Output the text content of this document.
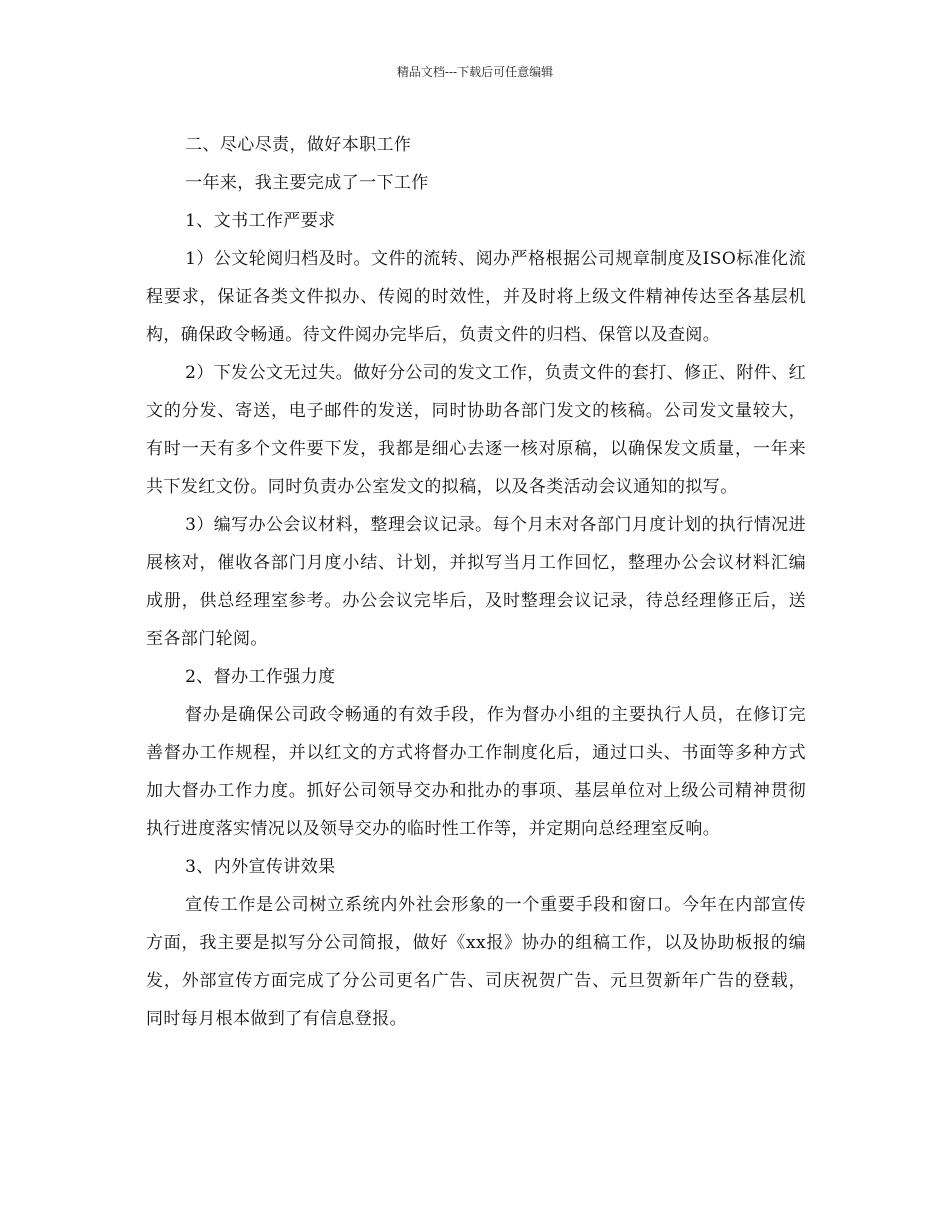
精品文档---下载后可任意编辑

二、尽心尽责，做好本职工作

一年来，我主要完成了一下工作

1、文书工作严要求

1）公文轮阅归档及时。文件的流转、阅办严格根据公司规章制度及ISO标准化流程要求，保证各类文件拟办、传阅的时效性，并及时将上级文件精神传达至各基层机构，确保政令畅通。待文件阅办完毕后，负责文件的归档、保管以及查阅。

2）下发公文无过失。做好分公司的发文工作，负责文件的套打、修正、附件、红文的分发、寄送，电子邮件的发送，同时协助各部门发文的核稿。公司发文量较大，有时一天有多个文件要下发，我都是细心去逐一核对原稿，以确保发文质量，一年来共下发红文份。同时负责办公室发文的拟稿，以及各类活动会议通知的拟写。

3）编写办公会议材料，整理会议记录。每个月末对各部门月度计划的执行情况进展核对，催收各部门月度小结、计划，并拟写当月工作回忆，整理办公会议材料汇编成册，供总经理室参考。办公会议完毕后，及时整理会议记录，待总经理修正后，送至各部门轮阅。

2、督办工作强力度

督办是确保公司政令畅通的有效手段，作为督办小组的主要执行人员，在修订完善督办工作规程，并以红文的方式将督办工作制度化后，通过口头、书面等多种方式加大督办工作力度。抓好公司领导交办和批办的事项、基层单位对上级公司精神贯彻执行进度落实情况以及领导交办的临时性工作等，并定期向总经理室反响。

3、内外宣传讲效果

宣传工作是公司树立系统内外社会形象的一个重要手段和窗口。今年在内部宣传方面，我主要是拟写分公司简报，做好《xx报》协办的组稿工作，以及协助板报的编发，外部宣传方面完成了分公司更名广告、司庆祝贺广告、元旦贺新年广告的登载，同时每月根本做到了有信息登报。
